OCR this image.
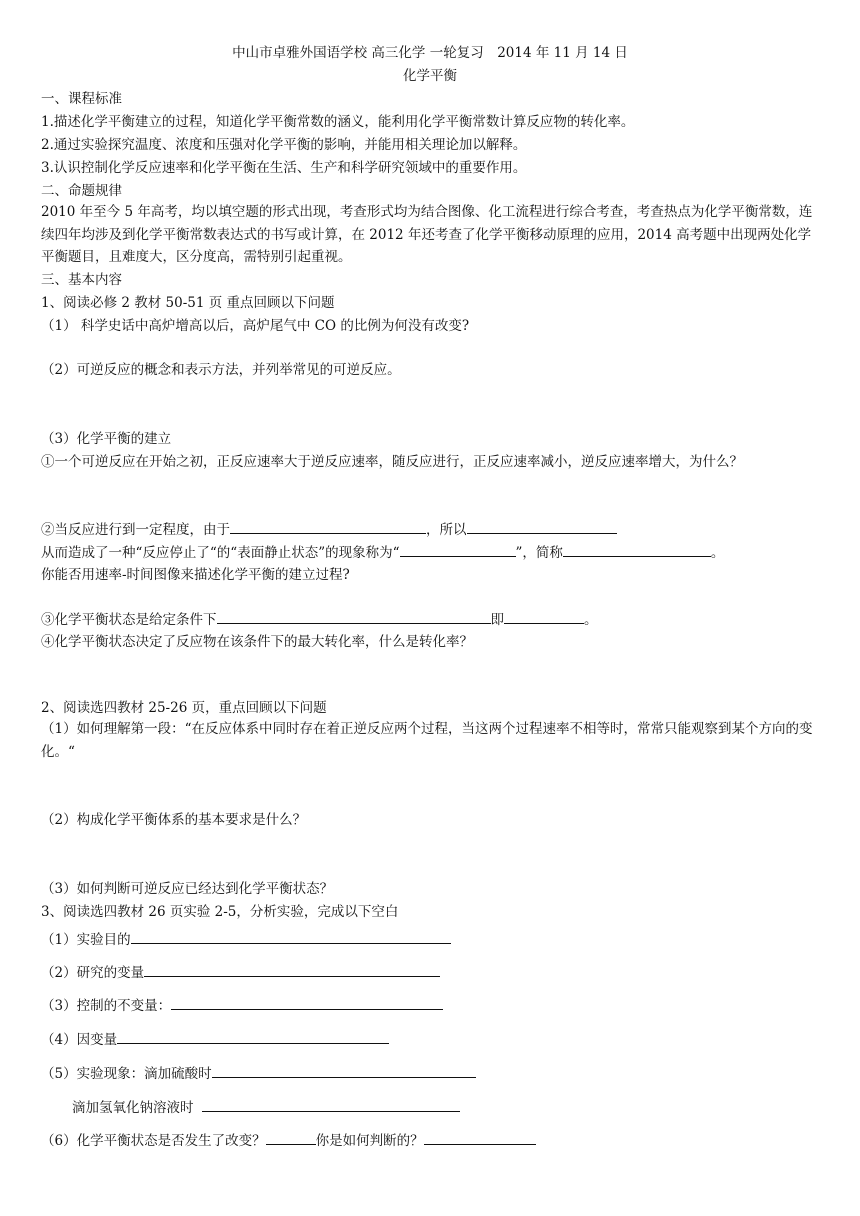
中山市卓雅外国语学校 高三化学 一轮复习　2014 年 11 月 14 日
化学平衡
一、课程标准
1.描述化学平衡建立的过程，知道化学平衡常数的涵义，能利用化学平衡常数计算反应物的转化率。
2.通过实验探究温度、浓度和压强对化学平衡的影响，并能用相关理论加以解释。
3.认识控制化学反应速率和化学平衡在生活、生产和科学研究领域中的重要作用。
二、命题规律
2010 年至今 5 年高考，均以填空题的形式出现，考查形式均为结合图像、化工流程进行综合考查，考查热点为化学平衡常数，连续四年均涉及到化学平衡常数表达式的书写或计算，在 2012 年还考查了化学平衡移动原理的应用，2014 高考题中出现两处化学平衡题目，且难度大，区分度高，需特别引起重视。
三、基本内容
1、阅读必修 2 教材 50-51 页 重点回顾以下问题
（1） 科学史话中高炉增高以后，高炉尾气中 CO 的比例为何没有改变?
（2）可逆反应的概念和表示方法，并列举常见的可逆反应。
（3）化学平衡的建立
①一个可逆反应在开始之初，正反应速率大于逆反应速率，随反应进行，正反应速率减小，逆反应速率增大，为什么？
②当反应进行到一定程度，由于	，所以
从而造成了一种“反应停止了“的“表面静止状态”的现象称为“	”，简称	。
你能否用速率-时间图像来描述化学平衡的建立过程?
③化学平衡状态是给定条件下	即	。
④化学平衡状态决定了反应物在该条件下的最大转化率，什么是转化率？
2、阅读选四教材 25-26 页，重点回顾以下问题
（1）如何理解第一段：“在反应体系中同时存在着正逆反应两个过程，当这两个过程速率不相等时，常常只能观察到某个方向的变化。“
（2）构成化学平衡体系的基本要求是什么？
（3）如何判断可逆反应已经达到化学平衡状态？
3、阅读选四教材 26 页实验 2-5，分析实验，完成以下空白
（1）实验目的
（2）研究的变量
（3）控制的不变量：
（4）因变量
（5）实验现象：滴加硫酸时
滴加氢氧化钠溶液时
（6）化学平衡状态是否发生了改变？	你是如何判断的？
